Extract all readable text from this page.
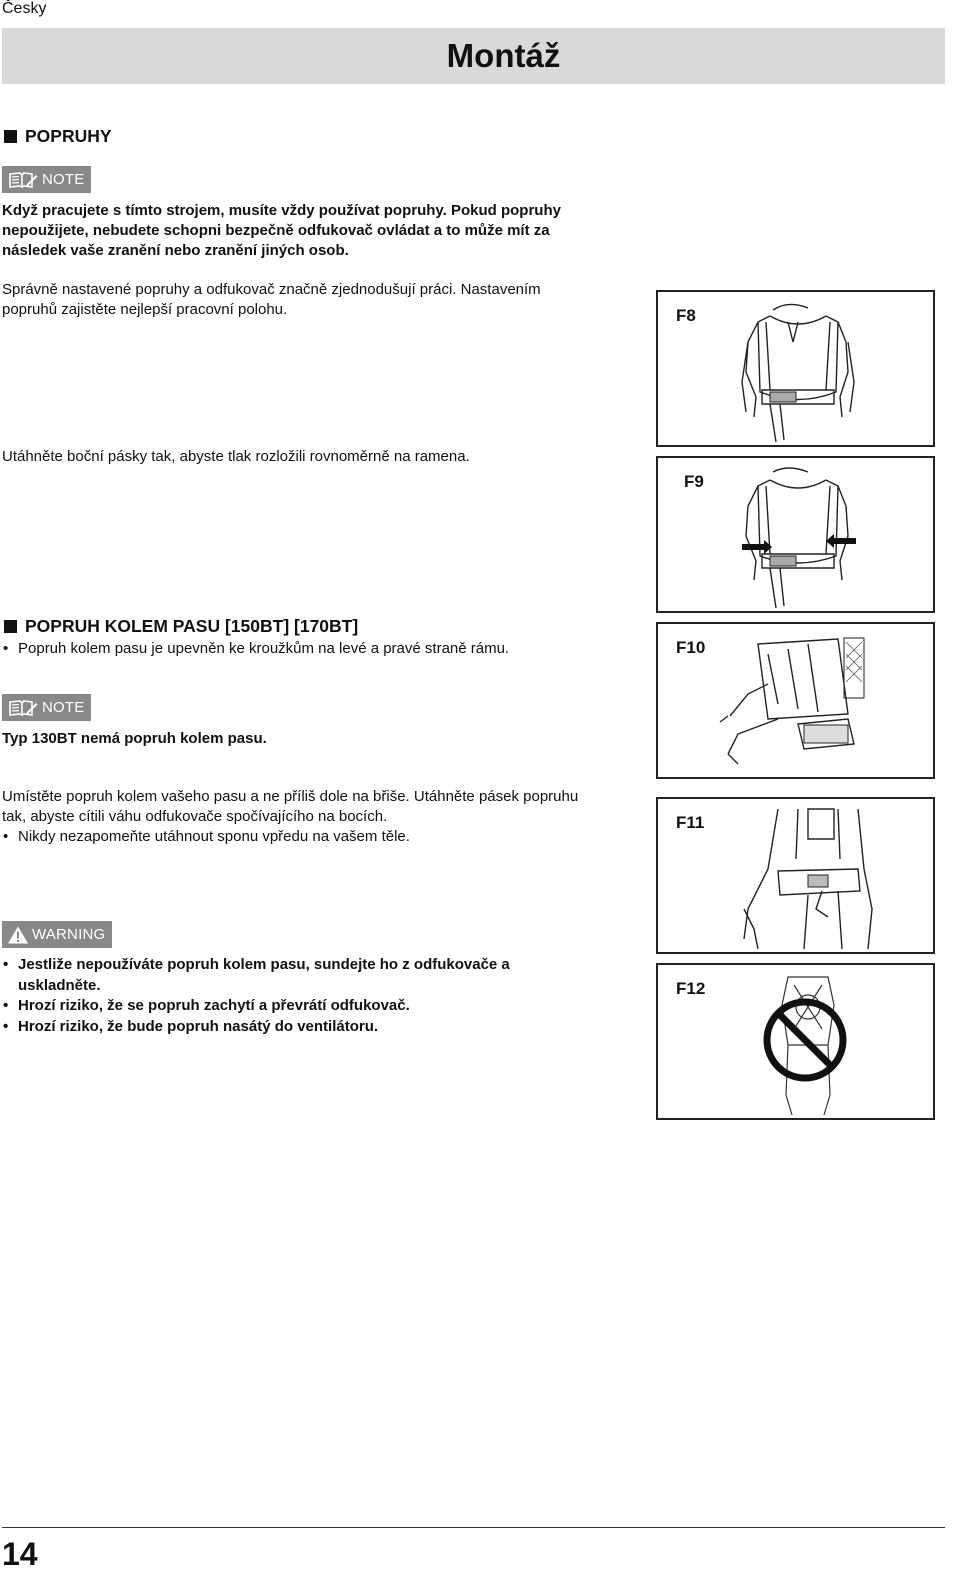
Česky
Montáž
POPRUHY
NOTE
Když pracujete s tímto strojem, musíte vždy používat popruhy. Pokud popruhy
nepoužijete, nebudete schopni bezpečně odfukovač ovládat a to může mít za
následek vaše zranění nebo zranění jiných osob.
Správně nastavené popruhy a odfukovač značně zjednodušují práci. Nastavením
popruhů zajistěte nejlepší pracovní polohu.
Utáhněte boční pásky tak, abyste tlak rozložili rovnoměrně na ramena.
POPRUH KOLEM PASU [150BT] [170BT]
• Popruh kolem pasu je upevněn ke kroužkům na levé a pravé straně rámu.
NOTE
Typ 130BT nemá popruh kolem pasu.
Umístěte popruh kolem vašeho pasu a ne příliš dole na břiše. Utáhněte pásek popruhu
tak, abyste cítili váhu odfukovače spočívajícího na bocích.
• Nikdy nezapomeňte utáhnout sponu vpředu na vašem těle.
WARNING
• Jestliže nepoužíváte popruh kolem pasu, sundejte ho z odfukovače a
uskladněte.
• Hrozí riziko, že se popruh zachytí a převrátí odfukovač.
• Hrozí riziko, že bude popruh nasátý do ventilátoru.
F8
F9
F10
F11
F12
14
